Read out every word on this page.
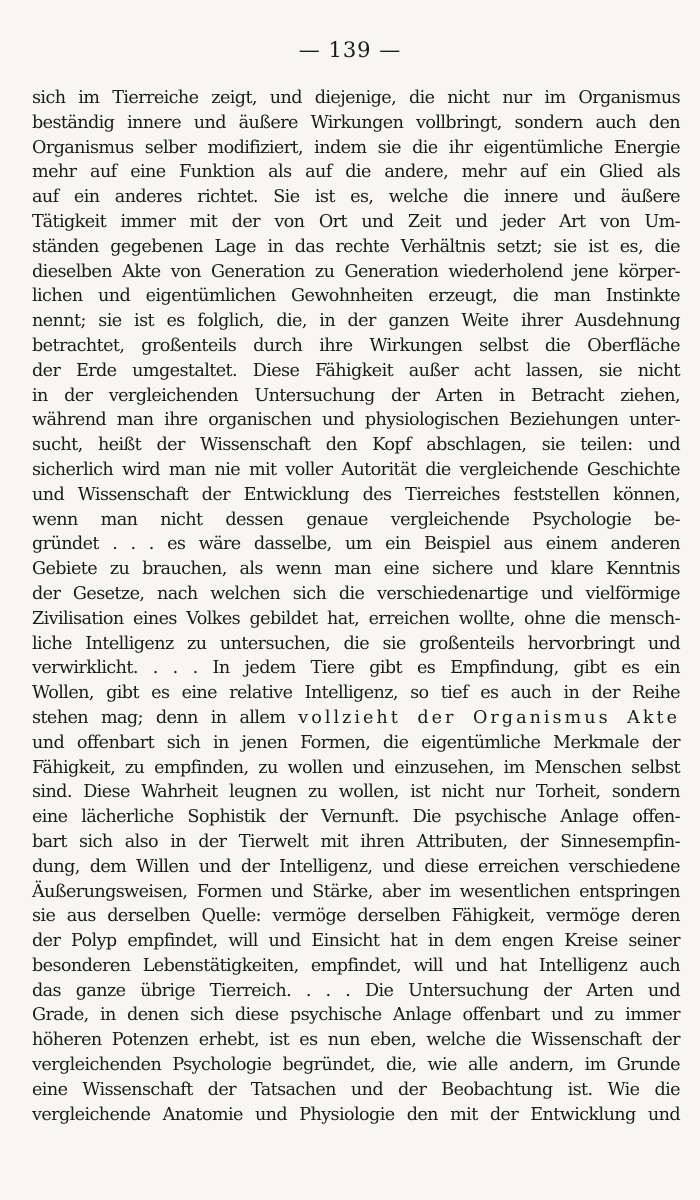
— 139 —
sich im Tierreiche zeigt, und diejenige, die nicht nur im Organismus
beständig innere und äußere Wirkungen vollbringt, sondern auch den
Organismus selber modifiziert, indem sie die ihr eigentümliche Energie
mehr auf eine Funktion als auf die andere, mehr auf ein Glied als
auf ein anderes richtet. Sie ist es, welche die innere und äußere
Tätigkeit immer mit der von Ort und Zeit und jeder Art von Um-
ständen gegebenen Lage in das rechte Verhältnis setzt; sie ist es, die
dieselben Akte von Generation zu Generation wiederholend jene körper-
lichen und eigentümlichen Gewohnheiten erzeugt, die man Instinkte
nennt; sie ist es folglich, die, in der ganzen Weite ihrer Ausdehnung
betrachtet, großenteils durch ihre Wirkungen selbst die Oberfläche
der Erde umgestaltet. Diese Fähigkeit außer acht lassen, sie nicht
in der vergleichenden Untersuchung der Arten in Betracht ziehen,
während man ihre organischen und physiologischen Beziehungen unter-
sucht, heißt der Wissenschaft den Kopf abschlagen, sie teilen: und
sicherlich wird man nie mit voller Autorität die vergleichende Geschichte
und Wissenschaft der Entwicklung des Tierreiches feststellen können,
wenn man nicht dessen genaue vergleichende Psychologie be-
gründet . . . es wäre dasselbe, um ein Beispiel aus einem anderen
Gebiete zu brauchen, als wenn man eine sichere und klare Kenntnis
der Gesetze, nach welchen sich die verschiedenartige und vielförmige
Zivilisation eines Volkes gebildet hat, erreichen wollte, ohne die mensch-
liche Intelligenz zu untersuchen, die sie großenteils hervorbringt und
verwirklicht. . . . In jedem Tiere gibt es Empfindung, gibt es ein
Wollen, gibt es eine relative Intelligenz, so tief es auch in der Reihe
stehen mag; denn in allem vollzieht der Organismus Akte
und offenbart sich in jenen Formen, die eigentümliche Merkmale der
Fähigkeit, zu empfinden, zu wollen und einzusehen, im Menschen selbst
sind. Diese Wahrheit leugnen zu wollen, ist nicht nur Torheit, sondern
eine lächerliche Sophistik der Vernunft. Die psychische Anlage offen-
bart sich also in der Tierwelt mit ihren Attributen, der Sinnesempfin-
dung, dem Willen und der Intelligenz, und diese erreichen verschiedene
Äußerungsweisen, Formen und Stärke, aber im wesentlichen entspringen
sie aus derselben Quelle: vermöge derselben Fähigkeit, vermöge deren
der Polyp empfindet, will und Einsicht hat in dem engen Kreise seiner
besonderen Lebenstätigkeiten, empfindet, will und hat Intelligenz auch
das ganze übrige Tierreich. . . . Die Untersuchung der Arten und
Grade, in denen sich diese psychische Anlage offenbart und zu immer
höheren Potenzen erhebt, ist es nun eben, welche die Wissenschaft der
vergleichenden Psychologie begründet, die, wie alle andern, im Grunde
eine Wissenschaft der Tatsachen und der Beobachtung ist. Wie die
vergleichende Anatomie und Physiologie den mit der Entwicklung und
